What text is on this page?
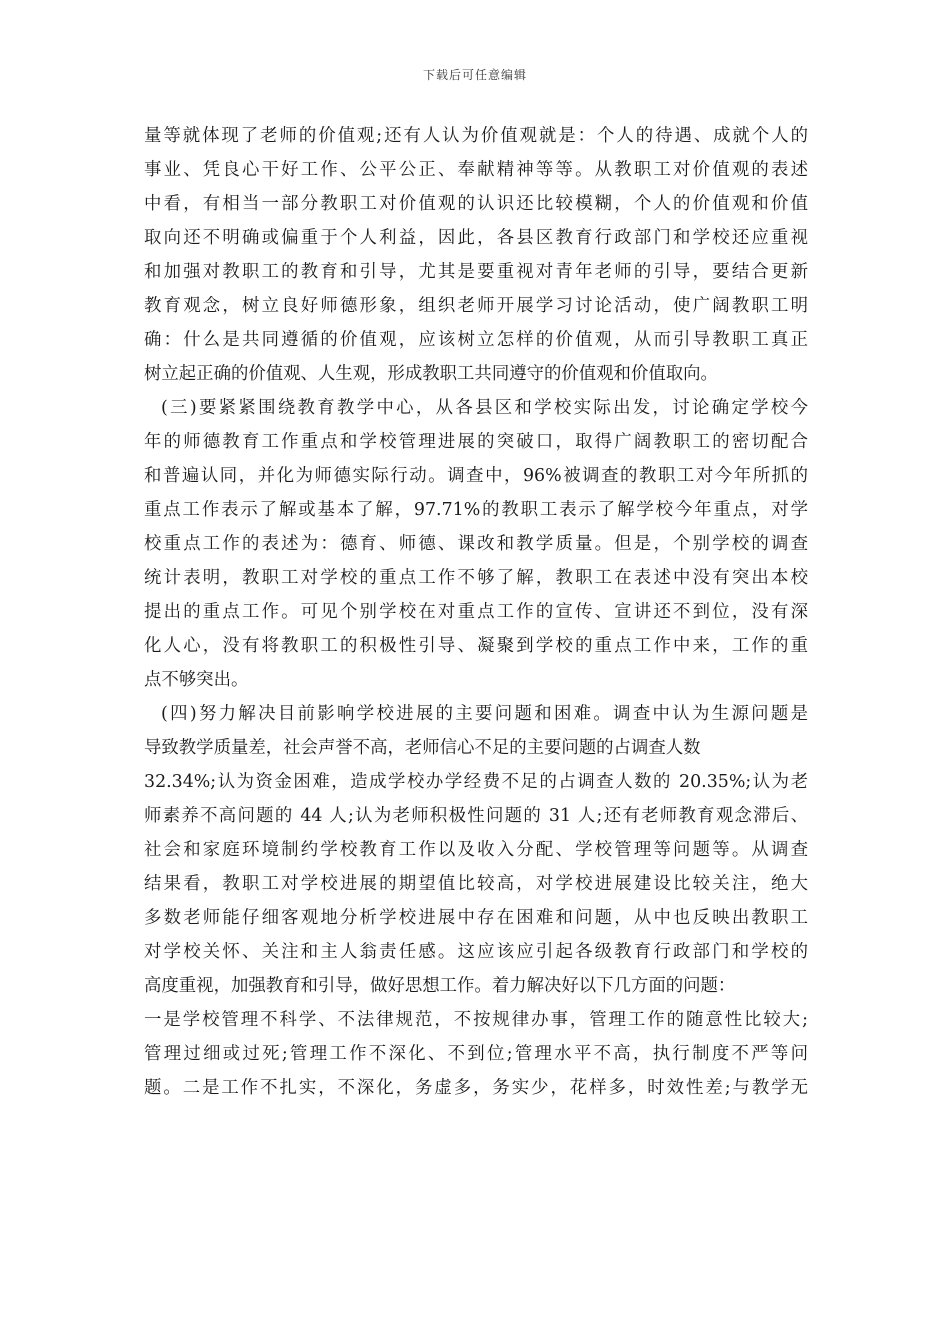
下载后可任意编辑
量等就体现了老师的价值观;还有人认为价值观就是：个人的待遇、成就个人的
事业、凭良心干好工作、公平公正、奉献精神等等。从教职工对价值观的表述
中看，有相当一部分教职工对价值观的认识还比较模糊，个人的价值观和价值
取向还不明确或偏重于个人利益，因此，各县区教育行政部门和学校还应重视
和加强对教职工的教育和引导，尤其是要重视对青年老师的引导，要结合更新
教育观念，树立良好师德形象，组织老师开展学习讨论活动，使广阔教职工明
确：什么是共同遵循的价值观，应该树立怎样的价值观，从而引导教职工真正
树立起正确的价值观、人生观，形成教职工共同遵守的价值观和价值取向。
(三)要紧紧围绕教育教学中心，从各县区和学校实际出发，讨论确定学校今
年的师德教育工作重点和学校管理进展的突破口，取得广阔教职工的密切配合
和普遍认同，并化为师德实际行动。调查中，96%被调查的教职工对今年所抓的
重点工作表示了解或基本了解，97.71%的教职工表示了解学校今年重点，对学
校重点工作的表述为：德育、师德、课改和教学质量。但是，个别学校的调查
统计表明，教职工对学校的重点工作不够了解，教职工在表述中没有突出本校
提出的重点工作。可见个别学校在对重点工作的宣传、宣讲还不到位，没有深
化人心，没有将教职工的积极性引导、凝聚到学校的重点工作中来，工作的重
点不够突出。
(四)努力解决目前影响学校进展的主要问题和困难。调查中认为生源问题是
导致教学质量差，社会声誉不高，老师信心不足的主要问题的占调查人数
32.34%;认为资金困难，造成学校办学经费不足的占调查人数的 20.35%;认为老
师素养不高问题的 44 人;认为老师积极性问题的 31 人;还有老师教育观念滞后、
社会和家庭环境制约学校教育工作以及收入分配、学校管理等问题等。从调查
结果看，教职工对学校进展的期望值比较高，对学校进展建设比较关注，绝大
多数老师能仔细客观地分析学校进展中存在困难和问题，从中也反映出教职工
对学校关怀、关注和主人翁责任感。这应该应引起各级教育行政部门和学校的
高度重视，加强教育和引导，做好思想工作。着力解决好以下几方面的问题：
一是学校管理不科学、不法律规范，不按规律办事，管理工作的随意性比较大;
管理过细或过死;管理工作不深化、不到位;管理水平不高，执行制度不严等问
题。二是工作不扎实，不深化，务虚多，务实少，花样多，时效性差;与教学无
